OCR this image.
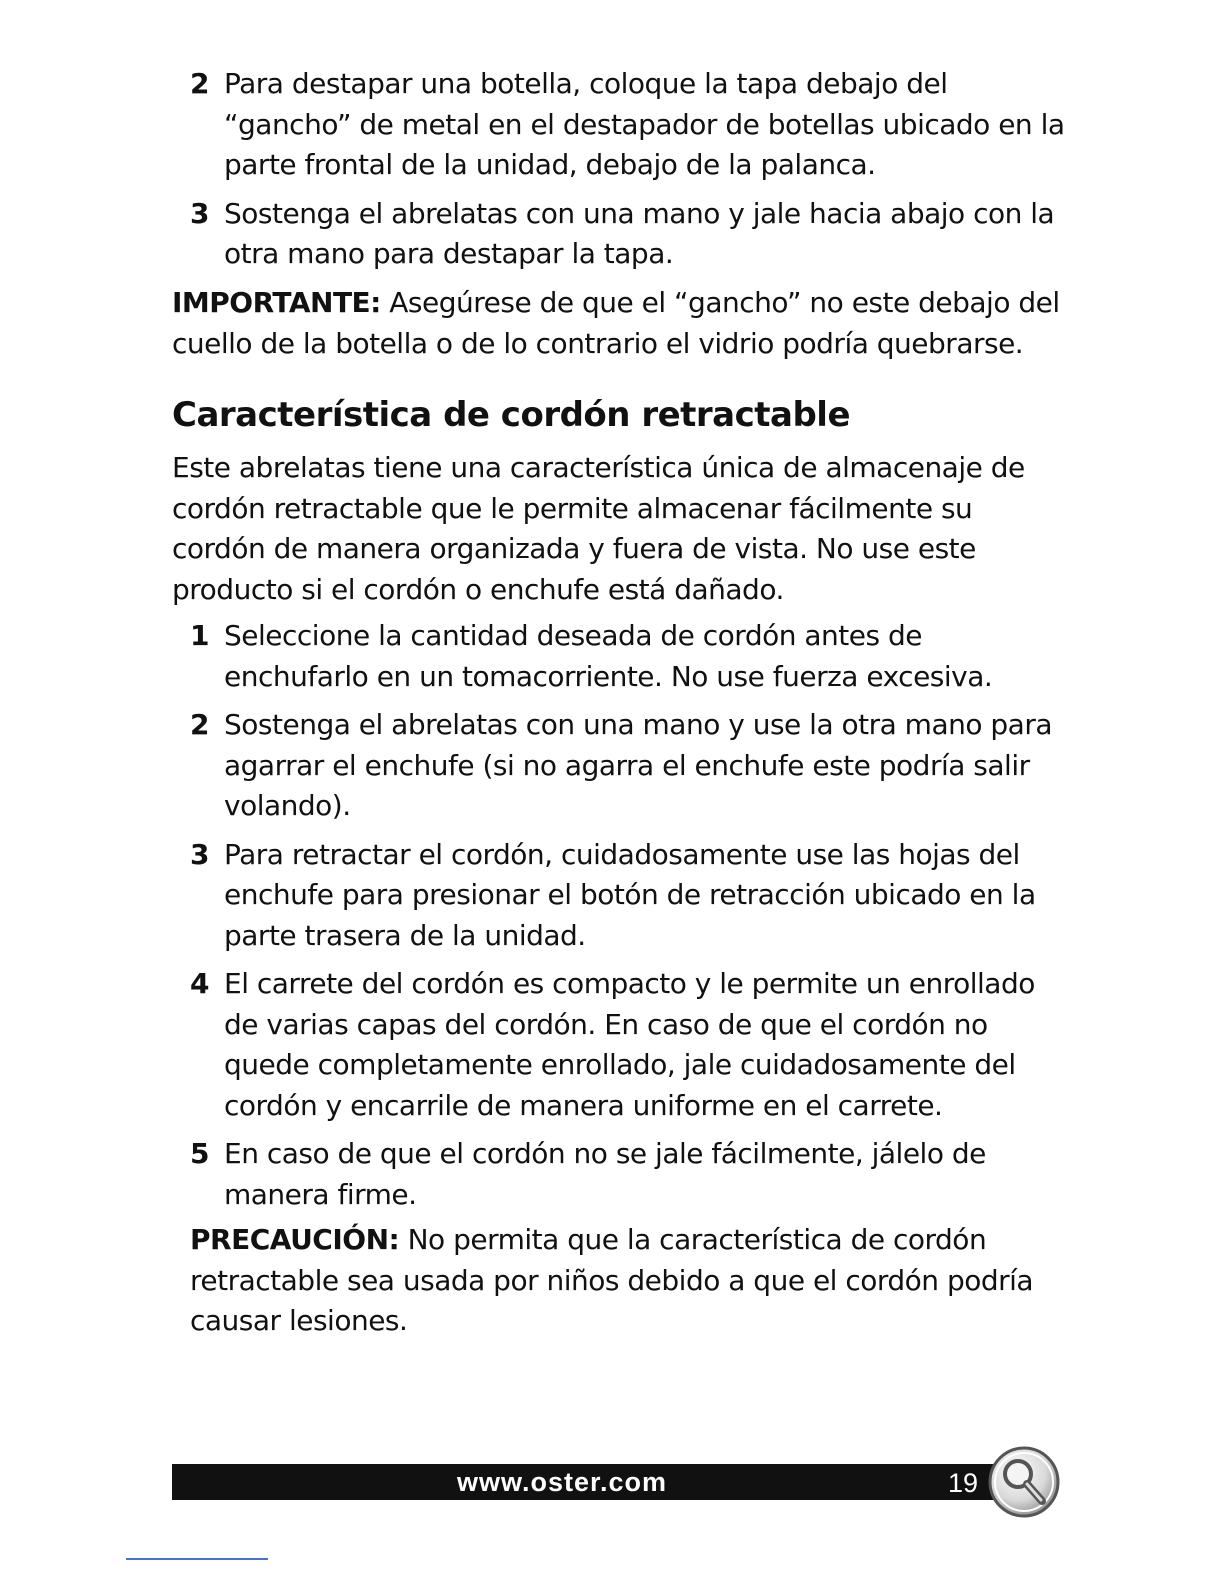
2 Para destapar una botella, coloque la tapa debajo del “gancho” de metal en el destapador de botellas ubicado en la parte frontal de la unidad, debajo de la palanca.
3 Sostenga el abrelatas con una mano y jale hacia abajo con la otra mano para destapar la tapa.

IMPORTANTE: Asegúrese de que el “gancho” no este debajo del cuello de la botella o de lo contrario el vidrio podría quebrarse.

Característica de cordón retractable

Este abrelatas tiene una característica única de almacenaje de cordón retractable que le permite almacenar fácilmente su cordón de manera organizada y fuera de vista. No use este producto si el cordón o enchufe está dañado.

1 Seleccione la cantidad deseada de cordón antes de enchufarlo en un tomacorriente. No use fuerza excesiva.
2 Sostenga el abrelatas con una mano y use la otra mano para agarrar el enchufe (si no agarra el enchufe este podría salir volando).
3 Para retractar el cordón, cuidadosamente use las hojas del enchufe para presionar el botón de retracción ubicado en la parte trasera de la unidad.
4 El carrete del cordón es compacto y le permite un enrollado de varias capas del cordón. En caso de que el cordón no quede completamente enrollado, jale cuidadosamente del cordón y encarrile de manera uniforme en el carrete.
5 En caso de que el cordón no se jale fácilmente, jálelo de manera firme.

PRECAUCIÓN: No permita que la característica de cordón retractable sea usada por niños debido a que el cordón podría causar lesiones.

www.oster.com	19
